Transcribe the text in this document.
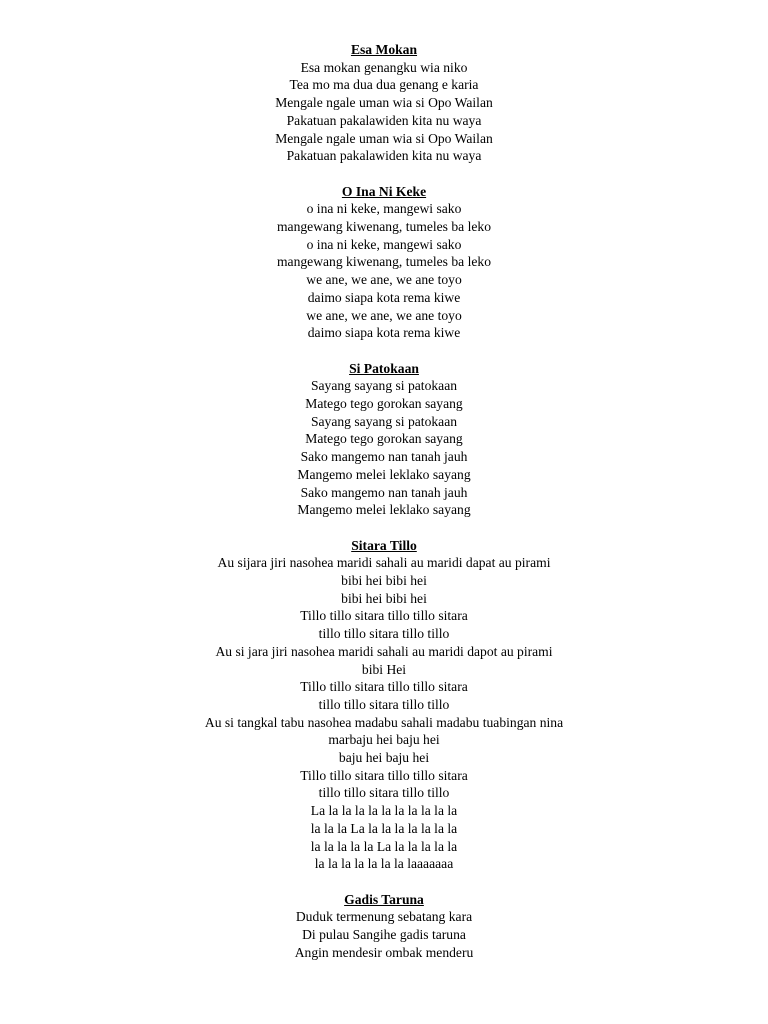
Esa Mokan
Esa mokan genangku wia niko
Tea mo ma dua dua genang e karia
Mengale ngale uman wia si Opo Wailan
Pakatuan pakalawiden kita nu waya
Mengale ngale uman wia si Opo Wailan
Pakatuan pakalawiden kita nu waya
O Ina Ni Keke
o ina ni keke, mangewi sako
mangewang kiwenang, tumeles ba leko
o ina ni keke, mangewi sako
mangewang kiwenang, tumeles ba leko
we ane, we ane, we ane toyo
daimo siapa kota rema kiwe
we ane, we ane, we ane toyo
daimo siapa kota rema kiwe
Si Patokaan
Sayang sayang si patokaan
Matego tego gorokan sayang
Sayang sayang si patokaan
Matego tego gorokan sayang
Sako mangemo nan tanah jauh
Mangemo melei leklako sayang
Sako mangemo nan tanah jauh
Mangemo melei leklako sayang
Sitara Tillo
Au sijara jiri nasohea maridi sahali au maridi dapat au pirami
bibi hei bibi hei
bibi hei bibi hei
Tillo tillo sitara tillo tillo sitara
tillo tillo sitara tillo tillo
Au si jara jiri nasohea maridi sahali au maridi dapot au pirami
bibi Hei
Tillo tillo sitara tillo tillo sitara
tillo tillo sitara tillo tillo
Au si tangkal tabu nasohea madabu sahali madabu tuabingan nina
marbaju hei baju hei
baju hei baju hei
Tillo tillo sitara tillo tillo sitara
tillo tillo sitara tillo tillo
La la la la la la la la la la la
la la la La la la la la la la la
la la la la la La la la la la la
la la la la la la la laaaaaaa
Gadis Taruna
Duduk termenung sebatang kara
Di pulau Sangihe gadis taruna
Angin mendesir ombak menderu
